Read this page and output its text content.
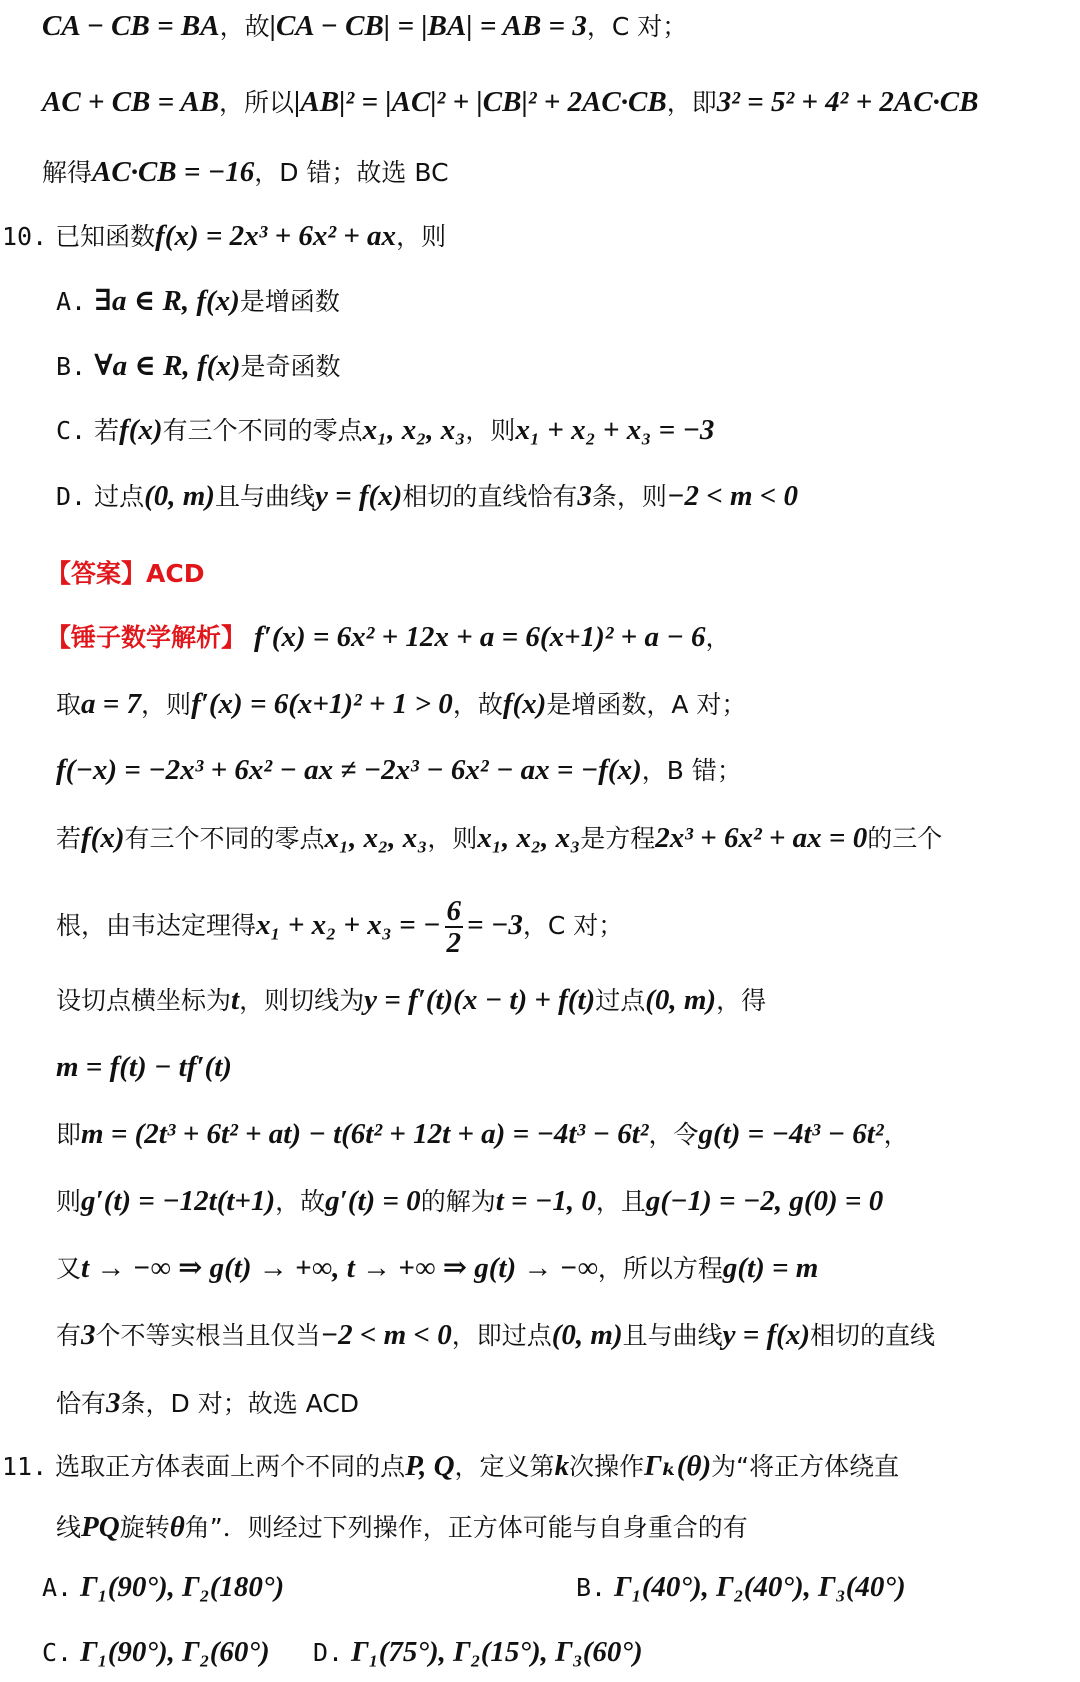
CA − CB = BA，故|CA − CB| = |BA| = AB = 3，C 对；
AC + CB = AB，所以|AB|² = |AC|² + |CB|² + 2AC·CB，即3² = 5² + 4² + 2AC·CB
解得AC·CB = −16，D 错；故选 BC
10. 已知函数f(x) = 2x³ + 6x² + ax，则
A. ∃a ∈ R, f(x)是增函数
B. ∀a ∈ R, f(x)是奇函数
C. 若f(x)有三个不同的零点x₁, x₂, x₃，则x₁ + x₂ + x₃ = −3
D. 过点(0, m)且与曲线y = f(x)相切的直线恰有3条，则−2 < m < 0
【答案】ACD
【锤子数学解析】 f′(x) = 6x² + 12x + a = 6(x+1)² + a − 6，
取a = 7，则f′(x) = 6(x+1)² + 1 > 0，故f(x)是增函数，A 对；
f(−x) = −2x³ + 6x² − ax ≠ −2x³ − 6x² − ax = −f(x)，B 错；
若f(x)有三个不同的零点x₁, x₂, x₃，则x₁, x₂, x₃是方程2x³ + 6x² + ax = 0的三个
根，由韦达定理得x₁ + x₂ + x₃ = − $\frac{6}{2} = -3$，C 对；
设切点横坐标为t，则切线为y = f′(t)(x − t) + f(t)过点(0, m)，得
m = f(t) − tf′(t)
即m = (2t³ + 6t² + at) − t(6t² + 12t + a) = −4t³ − 6t²，令g(t) = −4t³ − 6t²，
则g′(t) = −12t(t+1)，故g′(t) = 0的解为t = −1, 0，且g(−1) = −2, g(0) = 0
又t → −∞ ⇒ g(t) → +∞, t → +∞ ⇒ g(t) → −∞，所以方程g(t) = m
有3个不等实根当且仅当−2 < m < 0，即过点(0, m)且与曲线y = f(x)相切的直线
恰有3条，D 对；故选 ACD
11. 选取正方体表面上两个不同的点P, Q，定义第k次操作Γₖ(θ)为“将正方体绕直
线PQ旋转θ角”．则经过下列操作，正方体可能与自身重合的有
A. Γ₁(90°), Γ₂(180°)	B. Γ₁(40°), Γ₂(40°), Γ₃(40°)
C. Γ₁(90°), Γ₂(60°) D. Γ₁(75°), Γ₂(15°), Γ₃(60°)
